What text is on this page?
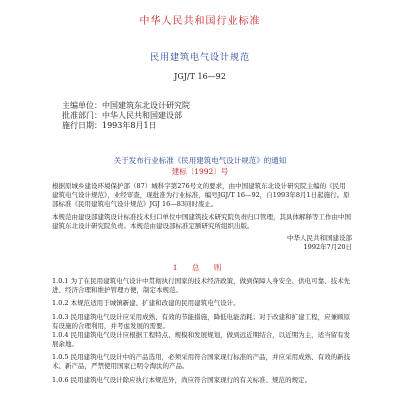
中华人民共和国行业标准
民用建筑电气设计规范
JGJ/T 16—92
主编单位：中国建筑东北设计研究院
批准部门：中华人民共和国建设部
施行日期：1993年8月1日
关于发布行业标准《民用建筑电气设计规范》的通知
建标〔1992〕号
根据原城乡建设环境保护部（87）城科字第276号文的要求，由中国建筑东北设计研究院主编的《民用建筑电气设计规范》，业经审查，现批准为行业标准，编号JGJ/T 16—92，自1993年8月1日起施行。原部标准《民用建筑电气设计规范》JGJ 16—83同时废止。
本规范由建设部建筑设计标准技术归口单位中国建筑技术研究院负责归口管理，其具体解释等工作由中国建筑东北设计研究院负责。本规范由建设部标准定额研究所组织出版。
中华人民共和国建设部
1992年7月20日
1 总 则
1.0.1 为了在民用建筑电气设计中贯彻执行国家的技术经济政策，做到保障人身安全、供电可靠、技术先进、经济合理和维护管理方便，制定本规范。
1.0.2 本规范适用于城镇新建、扩建和改建的民用建筑电气设计。
1.0.3 民用建筑电气设计应采用成熟、有效的节能措施，降低电能消耗；对于改建和扩建工程，应兼顾原有设施的合理利用，并考虑发展的需要。
1.0.4 民用建筑电气设计应根据工程特点、规模和发展规划，做到远近期结合，以近期为主，适当留有发展余地。
1.0.5 民用建筑电气设计中的产品选用，必须采用符合国家现行标准的产品，并应采用成熟、有效的新技术、新产品，严禁使用国家已明令淘汰的产品。
1.0.6 民用建筑电气设计除应执行本规范外，尚应符合国家现行的有关标准、规范的规定。
